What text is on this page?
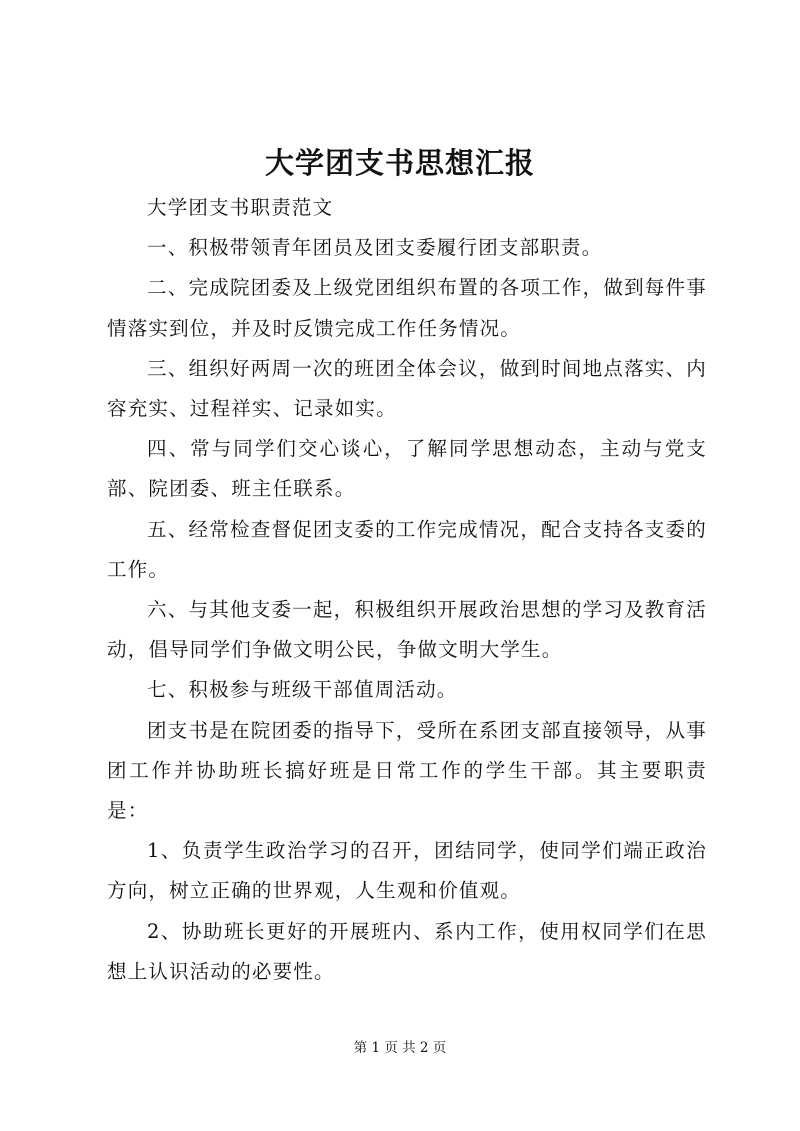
大学团支书思想汇报

大学团支书职责范文

一、积极带领青年团员及团支委履行团支部职责。

二、完成院团委及上级党团组织布置的各项工作，做到每件事情落实到位，并及时反馈完成工作任务情况。

三、组织好两周一次的班团全体会议，做到时间地点落实、内容充实、过程祥实、记录如实。

四、常与同学们交心谈心，了解同学思想动态，主动与党支部、院团委、班主任联系。

五、经常检查督促团支委的工作完成情况，配合支持各支委的工作。

六、与其他支委一起，积极组织开展政治思想的学习及教育活动，倡导同学们争做文明公民，争做文明大学生。

七、积极参与班级干部值周活动。

团支书是在院团委的指导下，受所在系团支部直接领导，从事团工作并协助班长搞好班是日常工作的学生干部。其主要职责是：

1、负责学生政治学习的召开，团结同学，使同学们端正政治方向，树立正确的世界观，人生观和价值观。

2、协助班长更好的开展班内、系内工作，使用权同学们在思想上认识活动的必要性。

第 1 页 共 2 页
